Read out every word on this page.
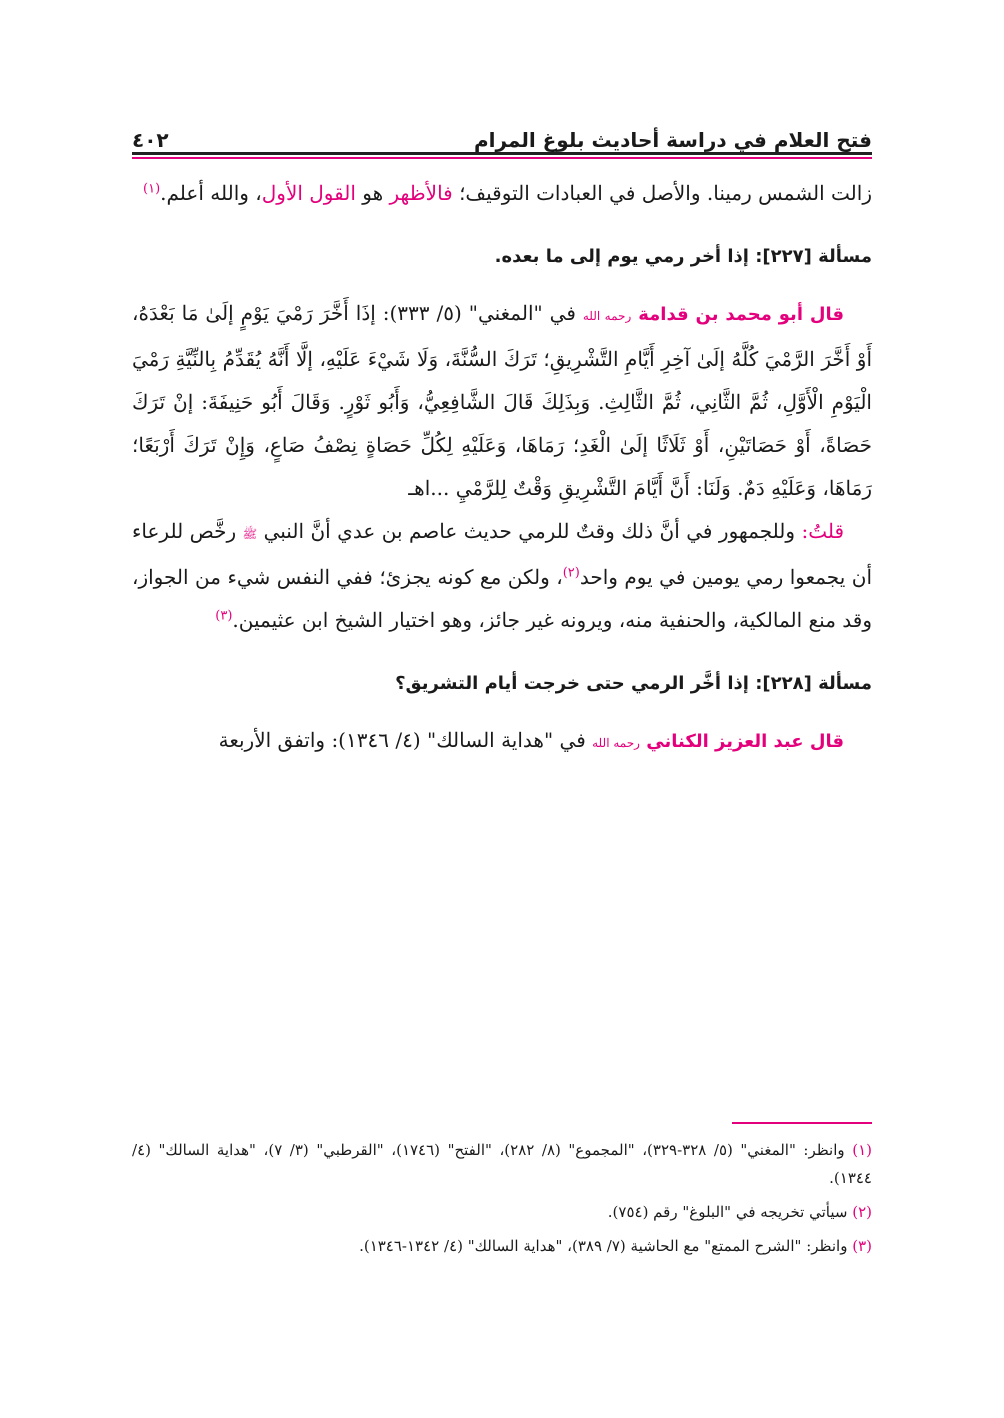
فتح العلام في دراسة أحاديث بلوغ المرام
٤٠٢

زالت الشمس رمينا. والأصل في العبادات التوقيف؛ فالأظهر هو القول الأول، والله أعلم.$^{(١)}$

مسألة [٢٢٧]: إذا أخر رمي يوم إلى ما بعده.

قال أبو محمد بن قدامة رحمه الله في "المغني" (٥/ ٣٣٣): إذَا أَخَّرَ رَمْيَ يَوْمٍ إلَىٰ مَا بَعْدَهُ، أَوْ أَخَّرَ الرَّمْيَ كُلَّهُ إلَىٰ آخِرِ أَيَّامِ التَّشْرِيقِ؛ تَرَكَ السُّنَّةَ، وَلَا شَيْءَ عَلَيْهِ، إلَّا أَنَّهُ يُقَدِّمُ بِالنِّيَّةِ رَمْيَ الْيَوْمِ الْأَوَّلِ، ثُمَّ الثَّانِي، ثُمَّ الثَّالِثِ. وَبِذَلِكَ قَالَ الشَّافِعِيُّ، وَأَبُو ثَوْرٍ. وَقَالَ أَبُو حَنِيفَةَ: إنْ تَرَكَ حَصَاةً، أَوْ حَصَاتَيْنِ، أَوْ ثَلَاثًا إلَىٰ الْغَدِ؛ رَمَاهَا، وَعَلَيْهِ لِكُلِّ حَصَاةٍ نِصْفُ صَاعٍ، وَإِنْ تَرَكَ أَرْبَعًا؛ رَمَاهَا، وَعَلَيْهِ دَمٌ. وَلَنَا: أَنَّ أَيَّامَ التَّشْرِيقِ وَقْتٌ لِلرَّمْيِ ...اهـ

قلتُ: وللجمهور في أنَّ ذلك وقتٌ للرمي حديث عاصم بن عدي أنَّ النبي ﷺ رخَّص للرعاء أن يجمعوا رمي يومين في يوم واحد$^{(٢)}$، ولكن مع كونه يجزئ؛ ففي النفس شيء من الجواز، وقد منع المالكية، والحنفية منه، ويرونه غير جائز، وهو اختيار الشيخ ابن عثيمين.$^{(٣)}$

مسألة [٢٢٨]: إذا أخَّر الرمي حتى خرجت أيام التشريق؟

قال عبد العزيز الكناني رحمه الله في "هداية السالك" (٤/ ١٣٤٦): واتفق الأربعة

(١) وانظر: "المغني" (٥/ ٣٢٨-٣٢٩)، "المجموع" (٨/ ٢٨٢)، "الفتح" (١٧٤٦)، "القرطبي" (٣/ ٧)، "هداية السالك" (٤/ ١٣٤٤).

(٢) سيأتي تخريجه في "البلوغ" رقم (٧٥٤).

(٣) وانظر: "الشرح الممتع" مع الحاشية (٧/ ٣٨٩)، "هداية السالك" (٤/ ١٣٤٢-١٣٤٦).
